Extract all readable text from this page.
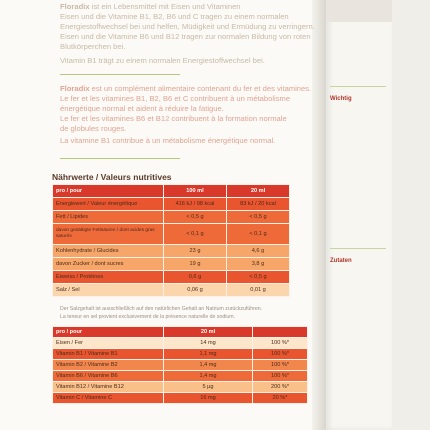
Floradix ist ein Lebensmittel mit Eisen und Vitaminen
Eisen und die Vitamine B1, B2, B6 und C tragen zu einem normalen
Energiestoffwechsel bei und helfen, Müdigkeit und Ermüdung zu verringern.
Eisen und die Vitamine B6 und B12 tragen zur normalen Bildung von roten
Blutkörperchen bei.
Vitamin B1 trägt zu einem normalen Energiestoffwechsel bei.
Floradix est un complément alimentaire contenant du fer et des vitamines.
Le fer et les vitamines B1, B2, B6 et C contribuent à un métabolisme
énergétique normal et aident à réduire la fatigue.
Le fer et les vitamines B6 et B12 contribuent à la formation normale
de globules rouges.
La vitamine B1 contribue à un métabolisme énergétique normal.
Nährwerte / Valeurs nutritives
pro / pour	100 ml	20 ml
Energiewert / Valeur énergétique	416 kJ / 98 kcal	83 kJ / 20 kcal
Fett / Lipides	< 0,5 g	< 0,5 g
davon gesättigte Fettsäuren / dont acides gras saturés	< 0,1 g	< 0,1 g
Kohlenhydrate / Glucides	23 g	4,6 g
davon Zucker / dont sucres	19 g	3,8 g
Eiweiss / Protéines	0,6 g	< 0,5 g
Salz / Sel	0,06 g	0,01 g
Der Salzgehalt ist ausschließlich auf den natürlichen Gehalt an Natrium zurückzuführen.
La teneur en sel provient exclusivement de la présence naturelle de sodium.
pro / pour	20 ml	
Eisen / Fer	14 mg	100 %*
Vitamin B1 / Vitamine B1	1,1 mg	100 %*
Vitamin B2 / Vitamine B2	1,4 mg	100 %*
Vitamin B6 / Vitamine B6	1,4 mg	100 %*
Vitamin B12 / Vitamine B12	5 µg	200 %*
Vitamin C / Vitamine C	16 mg	20 %*
Wichtig
Zutaten
